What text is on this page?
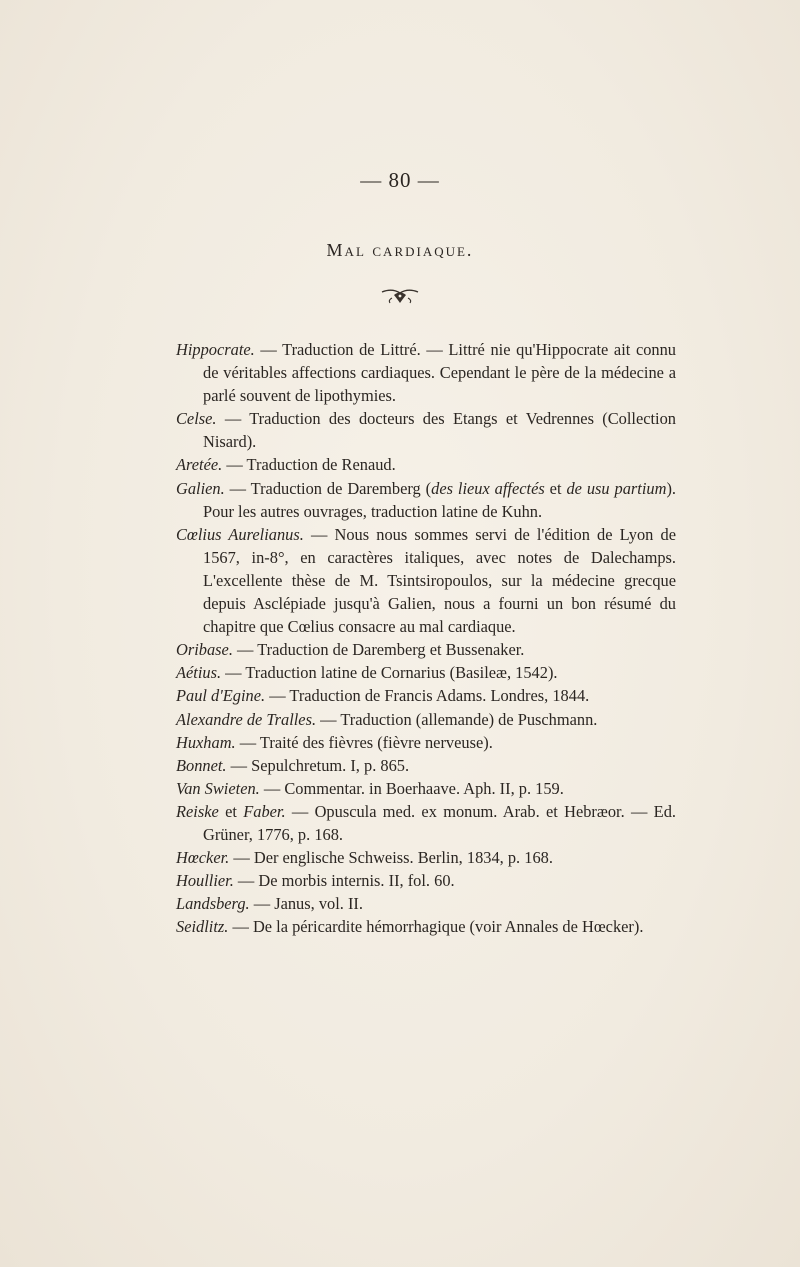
— 80 —
Mal cardiaque.

Hippocrate. — Traduction de Littré. — Littré nie qu'Hippocrate ait connu de véritables affections cardiaques. Cependant le père de la médecine a parlé souvent de lipothymies.

Celse. — Traduction des docteurs des Etangs et Vedrennes (Collection Nisard).

Aretée. — Traduction de Renaud.

Galien. — Traduction de Daremberg (des lieux affectés et de usu partium). Pour les autres ouvrages, traduction latine de Kuhn.

Cœlius Aurelianus. — Nous nous sommes servi de l'édition de Lyon de 1567, in-8°, en caractères italiques, avec notes de Dalechamps. L'excellente thèse de M. Tsintsiropoulos, sur la médecine grecque depuis Asclépiade jusqu'à Galien, nous a fourni un bon résumé du chapitre que Cœlius consacre au mal cardiaque.

Oribase. — Traduction de Daremberg et Bussenaker.

Aétius. — Traduction latine de Cornarius (Basileæ, 1542).

Paul d'Egine. — Traduction de Francis Adams. Londres, 1844.

Alexandre de Tralles. — Traduction (allemande) de Puschmann.

Huxham. — Traité des fièvres (fièvre nerveuse).

Bonnet. — Sepulchretum. I, p. 865.

Van Swieten. — Commentar. in Boerhaave. Aph. II, p. 159.

Reiske et Faber. — Opuscula med. ex monum. Arab. et Hebræor. — Ed. Grüner, 1776, p. 168.

Hœcker. — Der englische Schweiss. Berlin, 1834, p. 168.

Houllier. — De morbis internis. II, fol. 60.

Landsberg. — Janus, vol. II.

Seidlitz. — De la péricardite hémorrhagique (voir Annales de Hœcker).
